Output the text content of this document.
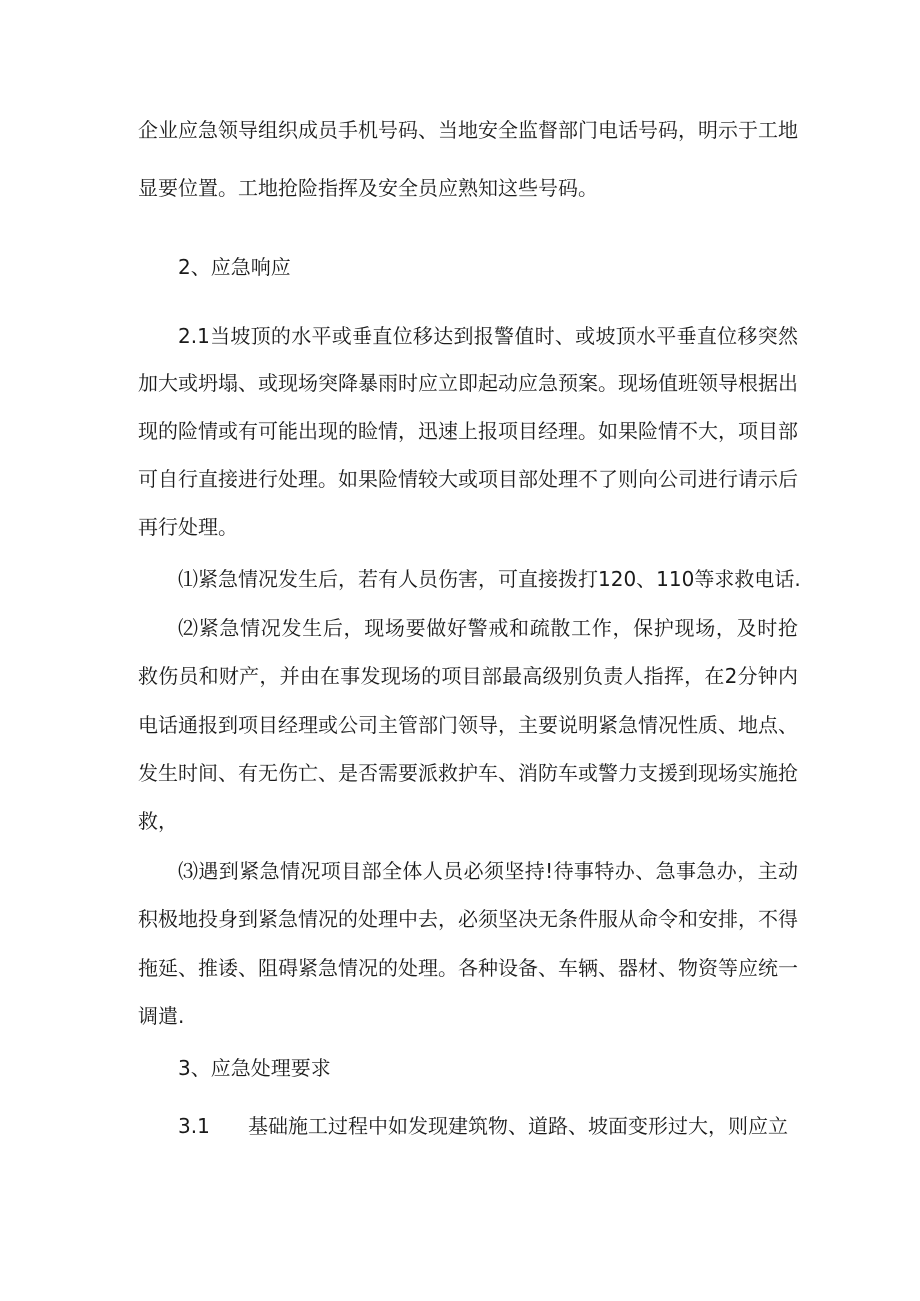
企业应急领导组织成员手机号码、当地安全监督部门电话号码，明示于工地
显要位置。工地抢险指挥及安全员应熟知这些号码。
2、应急响应
2.1当坡顶的水平或垂直位移达到报警值时、或坡顶水平垂直位移突然
加大或坍塌、或现场突降暴雨时应立即起动应急预案。现场值班领导根据出
现的险情或有可能出现的睑情，迅速上报项目经理。如果险情不大，项目部
可自行直接进行处理。如果险情较大或项目部处理不了则向公司进行请示后
再行处理。
⑴紧急情况发生后，若有人员伤害，可直接拨打120、110等求救电话.
⑵紧急情况发生后，现场要做好警戒和疏散工作，保护现场，及时抢
救伤员和财产，并由在事发现场的项目部最高级别负责人指挥，在2分钟内
电话通报到项目经理或公司主管部门领导，主要说明紧急情况性质、地点、
发生时间、有无伤亡、是否需要派救护车、消防车或警力支援到现场实施抢
救，
⑶遇到紧急情况项目部全体人员必须坚持!待事特办、急事急办，主动
积极地投身到紧急情况的处理中去，必须坚决无条件服从命令和安排，不得
拖延、推诿、阻碍紧急情况的处理。各种设备、车辆、器材、物资等应统一
调遣.
3、应急处理要求
3.1 基础施工过程中如发现建筑物、道路、坡面变形过大，则应立
